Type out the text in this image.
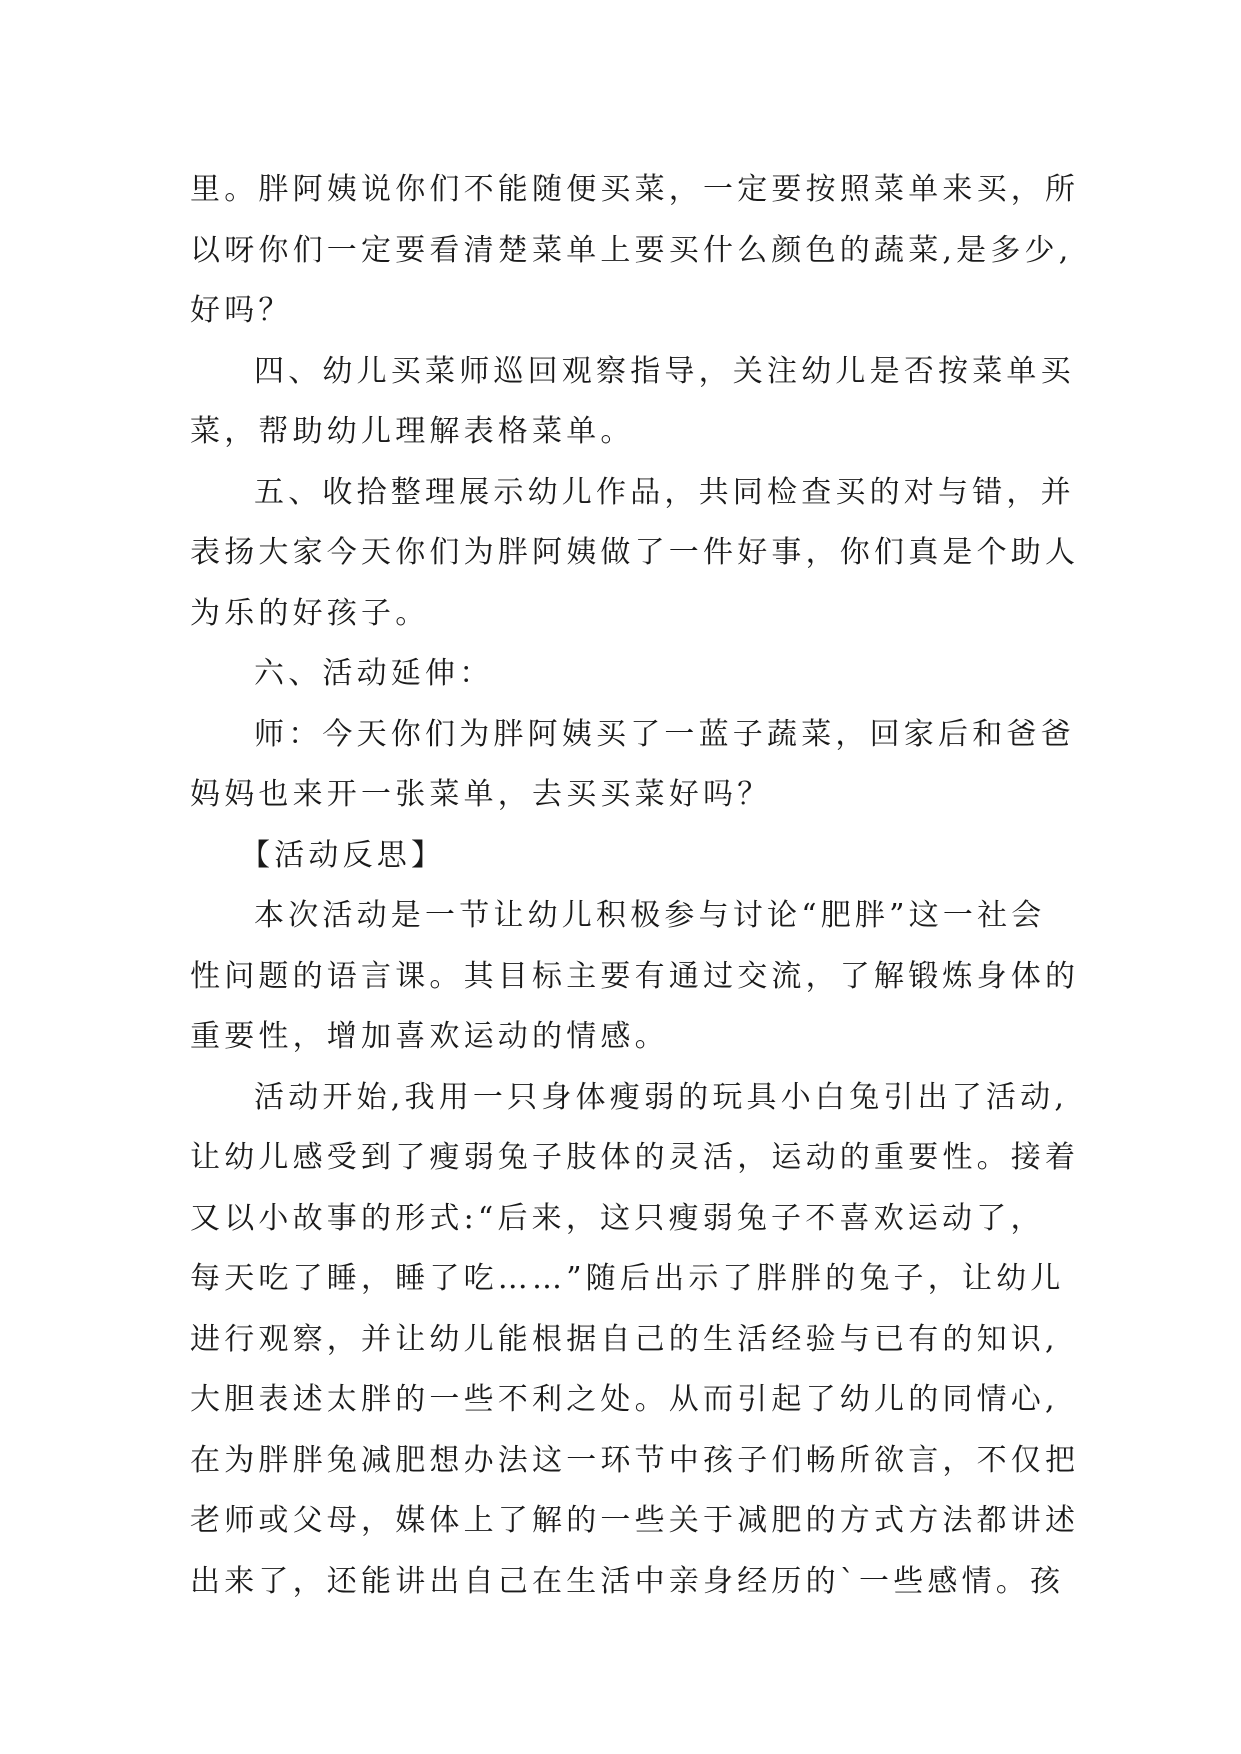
里。胖阿姨说你们不能随便买菜，一定要按照菜单来买，所
以呀你们一定要看清楚菜单上要买什么颜色的蔬菜,是多少,
好吗？
四、幼儿买菜师巡回观察指导，关注幼儿是否按菜单买
菜，帮助幼儿理解表格菜单。
五、收拾整理展示幼儿作品，共同检查买的对与错，并
表扬大家今天你们为胖阿姨做了一件好事，你们真是个助人
为乐的好孩子。
六、活动延伸：
师：今天你们为胖阿姨买了一蓝子蔬菜，回家后和爸爸
妈妈也来开一张菜单，去买买菜好吗？
【活动反思】
本次活动是一节让幼儿积极参与讨论“肥胖”这一社会
性问题的语言课。其目标主要有通过交流，了解锻炼身体的
重要性，增加喜欢运动的情感。
活动开始,我用一只身体瘦弱的玩具小白兔引出了活动,
让幼儿感受到了瘦弱兔子肢体的灵活，运动的重要性。接着
又以小故事的形式:“后来，这只瘦弱兔子不喜欢运动了，
每天吃了睡，睡了吃……”随后出示了胖胖的兔子，让幼儿
进行观察，并让幼儿能根据自己的生活经验与已有的知识,
大胆表述太胖的一些不利之处。从而引起了幼儿的同情心,
在为胖胖兔减肥想办法这一环节中孩子们畅所欲言，不仅把
老师或父母，媒体上了解的一些关于减肥的方式方法都讲述
出来了，还能讲出自己在生活中亲身经历的`一些感情。孩
